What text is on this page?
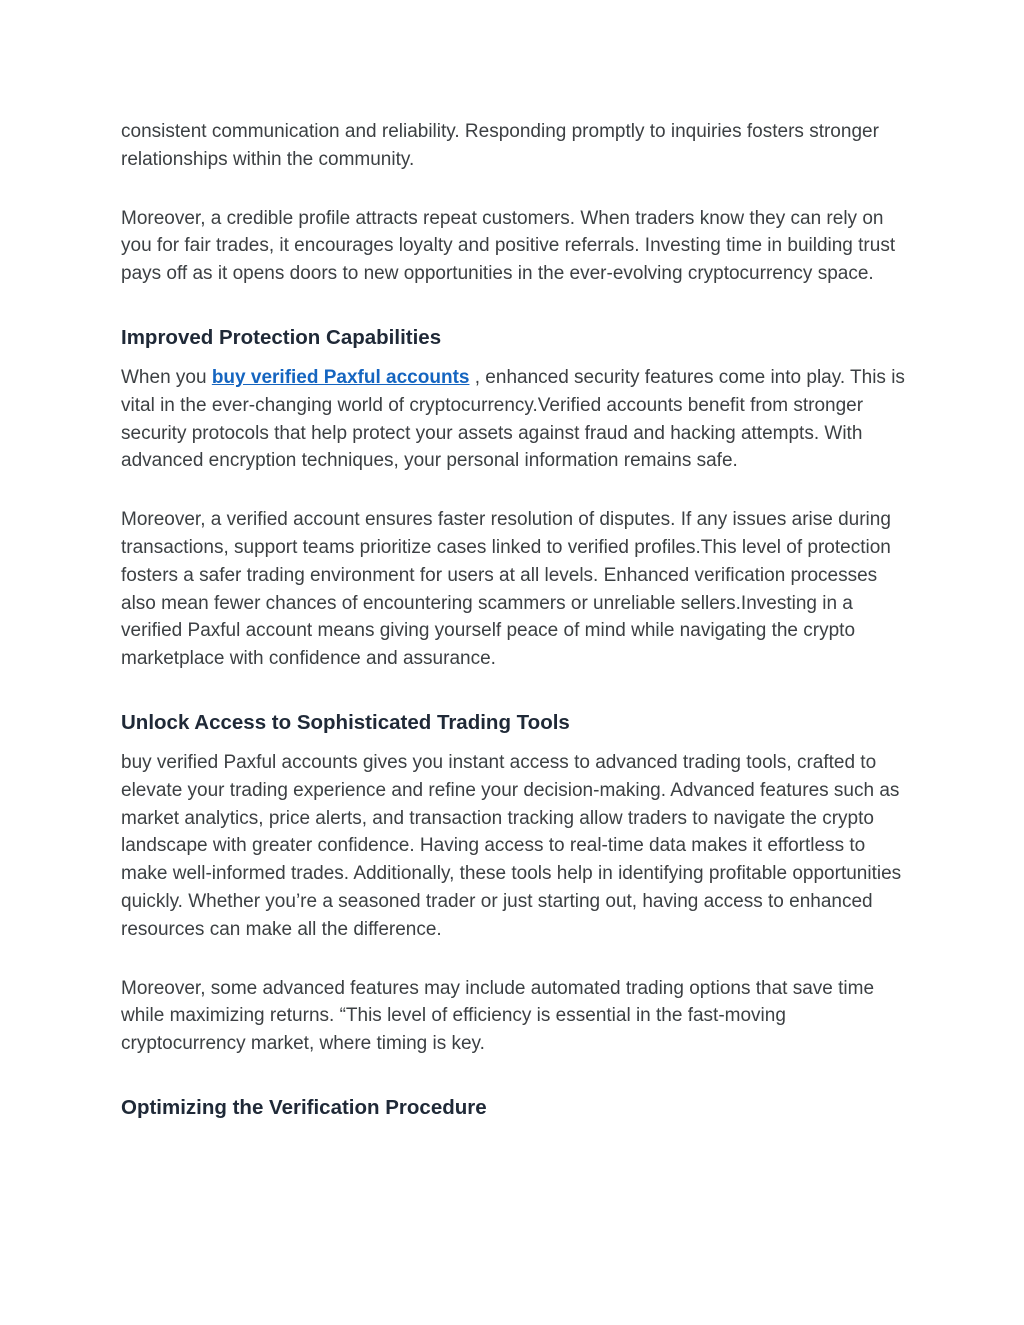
consistent communication and reliability. Responding promptly to inquiries fosters stronger relationships within the community.

Moreover, a credible profile attracts repeat customers. When traders know they can rely on you for fair trades, it encourages loyalty and positive referrals. Investing time in building trust pays off as it opens doors to new opportunities in the ever-evolving cryptocurrency space.

Improved Protection Capabilities

When you buy verified Paxful accounts , enhanced security features come into play. This is vital in the ever-changing world of cryptocurrency.Verified accounts benefit from stronger security protocols that help protect your assets against fraud and hacking attempts. With advanced encryption techniques, your personal information remains safe.

Moreover, a verified account ensures faster resolution of disputes. If any issues arise during transactions, support teams prioritize cases linked to verified profiles.This level of protection fosters a safer trading environment for users at all levels. Enhanced verification processes also mean fewer chances of encountering scammers or unreliable sellers.Investing in a verified Paxful account means giving yourself peace of mind while navigating the crypto marketplace with confidence and assurance.

Unlock Access to Sophisticated Trading Tools

buy verified Paxful accounts gives you instant access to advanced trading tools, crafted to elevate your trading experience and refine your decision-making. Advanced features such as market analytics, price alerts, and transaction tracking allow traders to navigate the crypto landscape with greater confidence. Having access to real-time data makes it effortless to make well-informed trades. Additionally, these tools help in identifying profitable opportunities quickly. Whether you’re a seasoned trader or just starting out, having access to enhanced resources can make all the difference.

Moreover, some advanced features may include automated trading options that save time while maximizing returns. “This level of efficiency is essential in the fast-moving cryptocurrency market, where timing is key.

Optimizing the Verification Procedure
